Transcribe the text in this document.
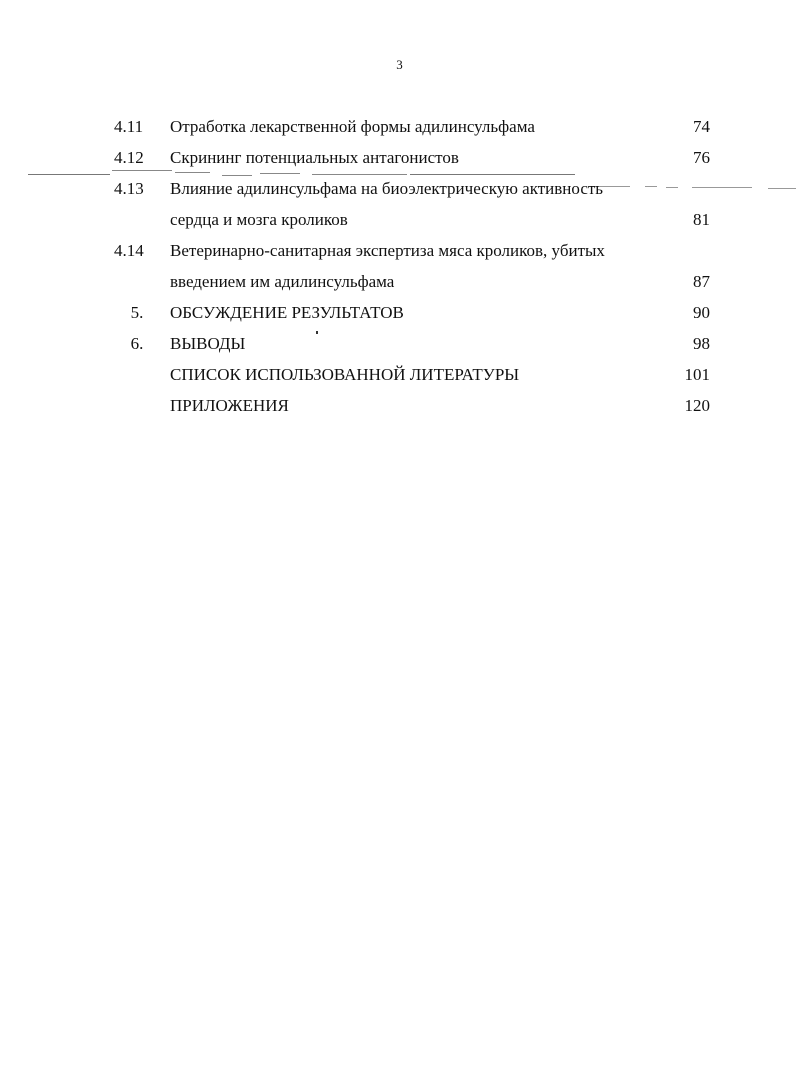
3
4.11	Отработка лекарственной формы адилинсульфама	74
4.12	Скрининг потенциальных антагонистов	76
4.13	Влияние адилинсульфама на биоэлектрическую активность
сердца и мозга кроликов	81
4.14	Ветеринарно-санитарная экспертиза мяса кроликов, убитых
введением им адилинсульфама	87
5.	ОБСУЖДЕНИЕ РЕЗУЛЬТАТОВ	90
6.	ВЫВОДЫ	98
СПИСОК ИСПОЛЬЗОВАННОЙ ЛИТЕРАТУРЫ	101
ПРИЛОЖЕНИЯ	120
